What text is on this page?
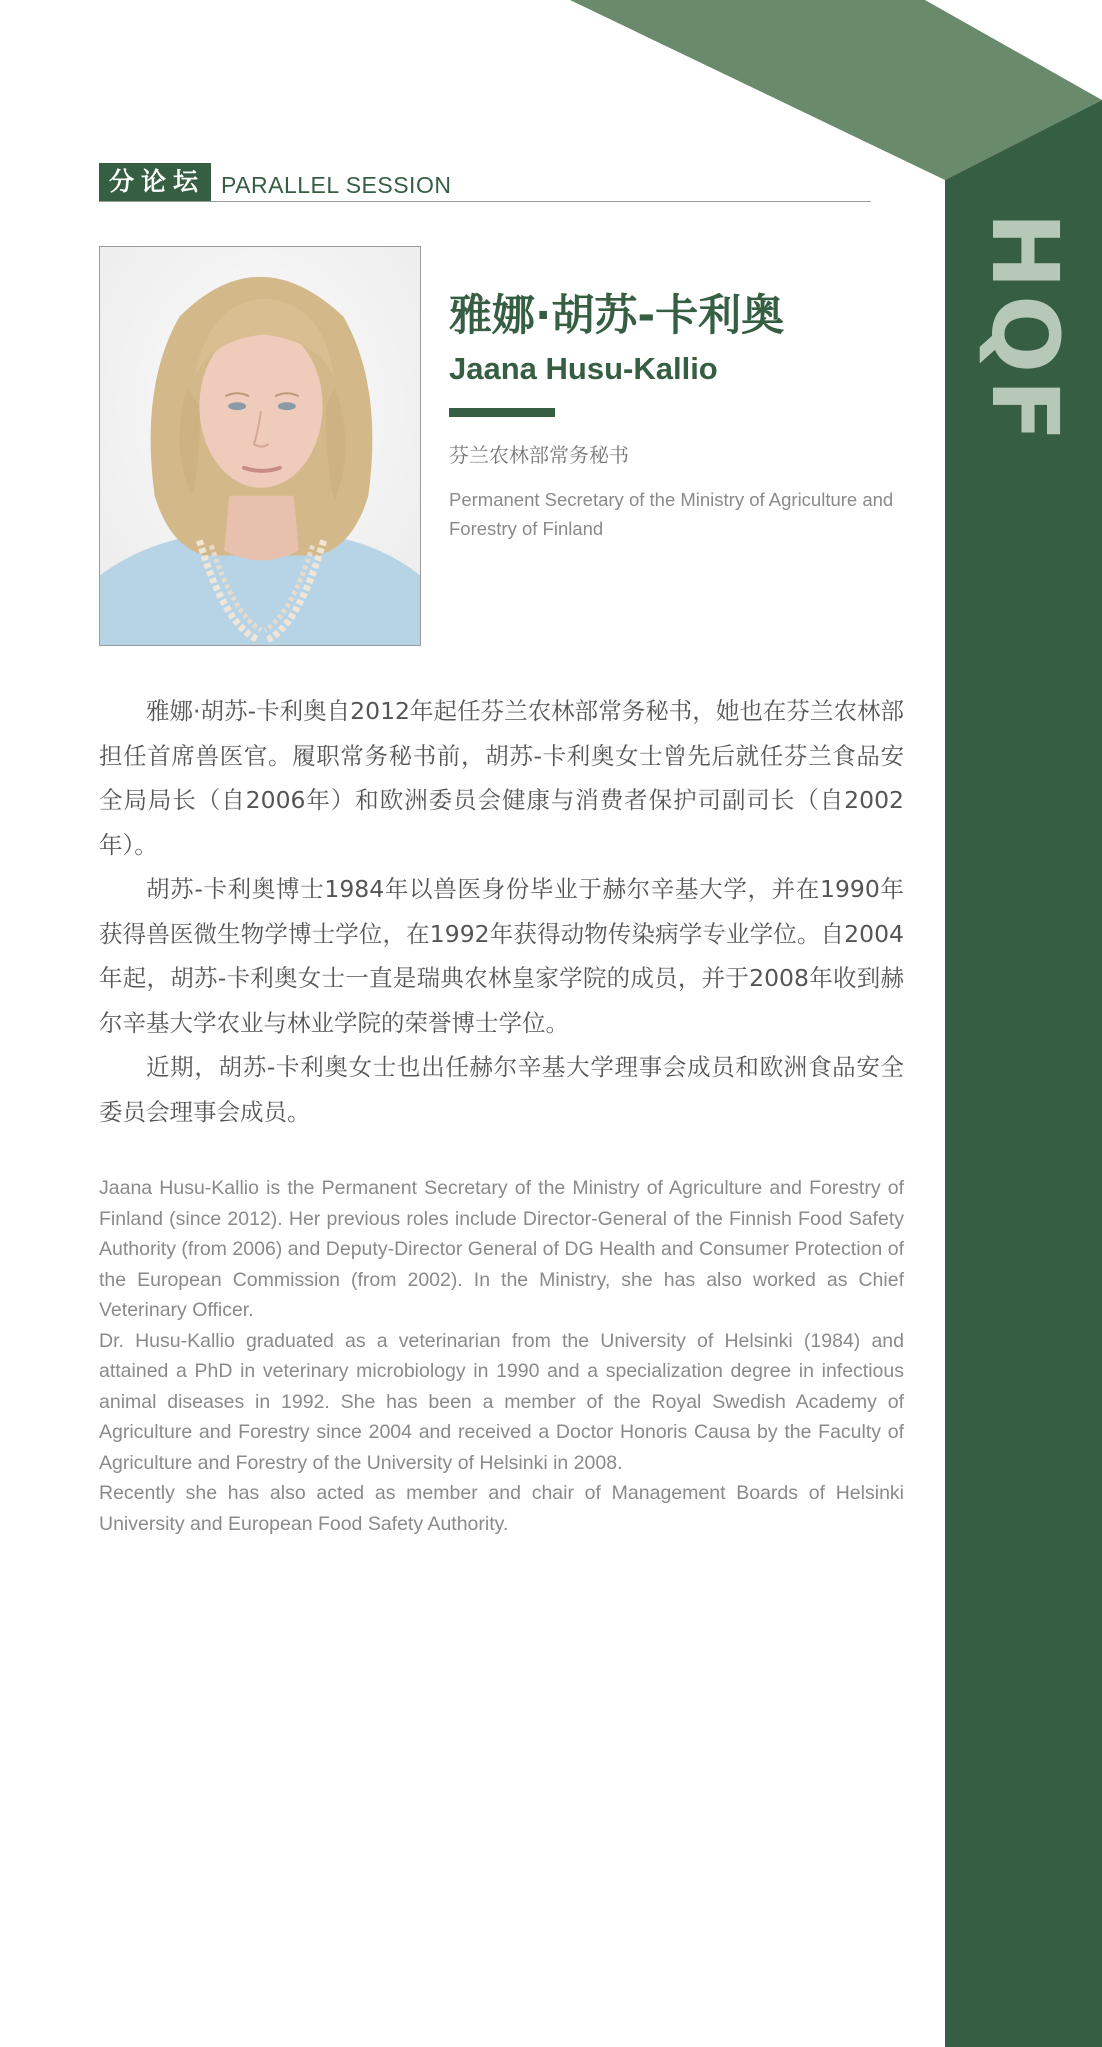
HQF
分论坛 PARALLEL SESSION
雅娜·胡苏-卡利奥
Jaana Husu-Kallio
芬兰农林部常务秘书
Permanent Secretary of the Ministry of Agriculture and Forestry of Finland

雅娜·胡苏-卡利奥自2012年起任芬兰农林部常务秘书，她也在芬兰农林部担任首席兽医官。履职常务秘书前，胡苏-卡利奥女士曾先后就任芬兰食品安全局局长（自2006年）和欧洲委员会健康与消费者保护司副司长（自2002年）。

胡苏-卡利奥博士1984年以兽医身份毕业于赫尔辛基大学，并在1990年获得兽医微生物学博士学位，在1992年获得动物传染病学专业学位。自2004年起，胡苏-卡利奥女士一直是瑞典农林皇家学院的成员，并于2008年收到赫尔辛基大学农业与林业学院的荣誉博士学位。

近期，胡苏-卡利奥女士也出任赫尔辛基大学理事会成员和欧洲食品安全委员会理事会成员。

Jaana Husu-Kallio is the Permanent Secretary of the Ministry of Agriculture and Forestry of Finland (since 2012). Her previous roles include Director-General of the Finnish Food Safety Authority (from 2006) and Deputy-Director General of DG Health and Consumer Protection of the European Commission (from 2002). In the Ministry, she has also worked as Chief Veterinary Officer.

Dr. Husu-Kallio graduated as a veterinarian from the University of Helsinki (1984) and attained a PhD in veterinary microbiology in 1990 and a specialization degree in infectious animal diseases in 1992. She has been a member of the Royal Swedish Academy of Agriculture and Forestry since 2004 and received a Doctor Honoris Causa by the Faculty of Agriculture and Forestry of the University of Helsinki in 2008.

Recently she has also acted as member and chair of Management Boards of Helsinki University and European Food Safety Authority.
